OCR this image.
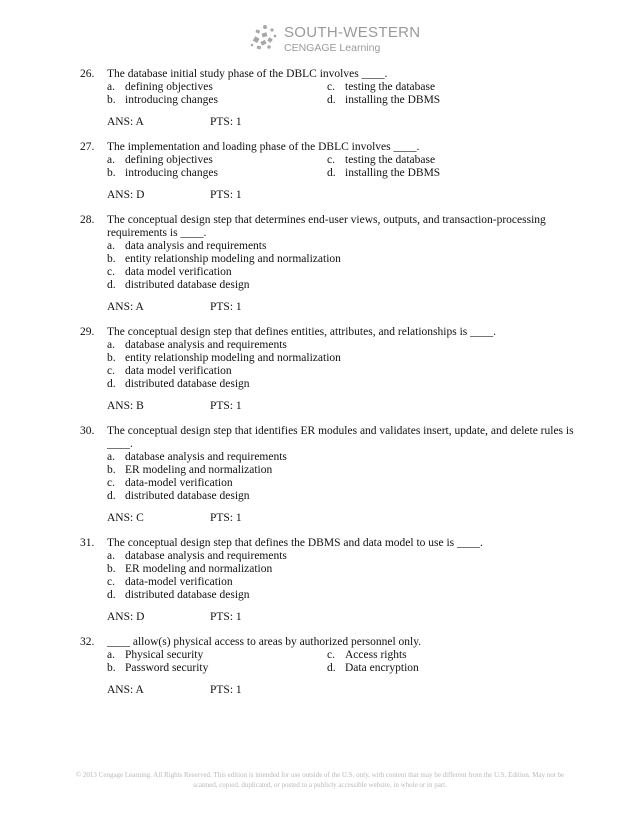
SOUTH-WESTERN
CENGAGE Learning
26.	The database initial study phase of the DBLC involves ____.
a. defining objectives	c. testing the database
b. introducing changes	d. installing the DBMS
ANS: A	PTS: 1
27.	The implementation and loading phase of the DBLC involves ____.
a. defining objectives	c. testing the database
b. introducing changes	d. installing the DBMS
ANS: D	PTS: 1
28.	The conceptual design step that determines end-user views, outputs, and transaction-processing requirements is ____.
a. data analysis and requirements
b. entity relationship modeling and normalization
c. data model verification
d. distributed database design
ANS: A	PTS: 1
29.	The conceptual design step that defines entities, attributes, and relationships is ____.
a. database analysis and requirements
b. entity relationship modeling and normalization
c. data model verification
d. distributed database design
ANS: B	PTS: 1
30.	The conceptual design step that identifies ER modules and validates insert, update, and delete rules is ____.
a. database analysis and requirements
b. ER modeling and normalization
c. data-model verification
d. distributed database design
ANS: C	PTS: 1
31.	The conceptual design step that defines the DBMS and data model to use is ____.
a. database analysis and requirements
b. ER modeling and normalization
c. data-model verification
d. distributed database design
ANS: D	PTS: 1
32.	____ allow(s) physical access to areas by authorized personnel only.
a. Physical security	c. Access rights
b. Password security	d. Data encryption
ANS: A	PTS: 1
© 2013 Cengage Learning. All Rights Reserved. This edition is intended for use outside of the U.S. only, with content that may be different from the U.S. Edition. May not be scanned, copied, duplicated, or posted to a publicly accessible website, in whole or in part.
